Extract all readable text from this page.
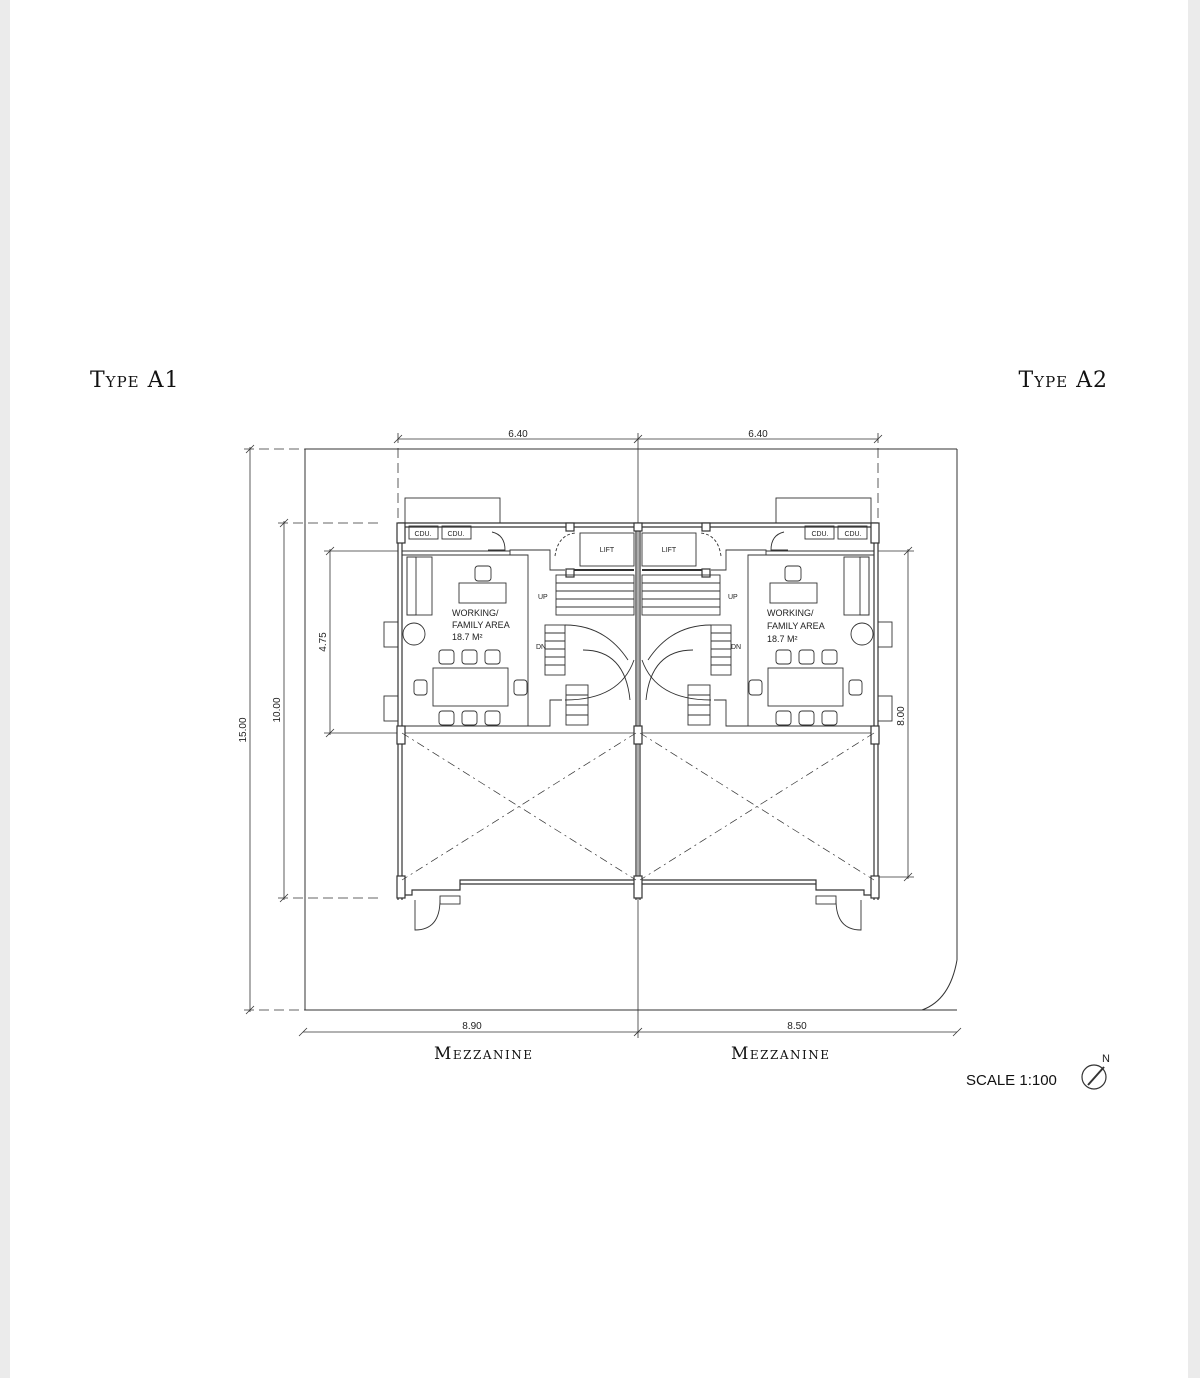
Type A1	Type A2
6.40	6.40
8.90	8.50
15.00
10.00
4.75
8.00
CDU. CDU.
LIFT
WORKING/
FAMILY AREA
18.7 M²
UP
DN
CDU. CDU.
LIFT
WORKING/
FAMILY AREA
18.7 M²
UP
DN
N
Mezzanine	Mezzanine
SCALE 1:100
